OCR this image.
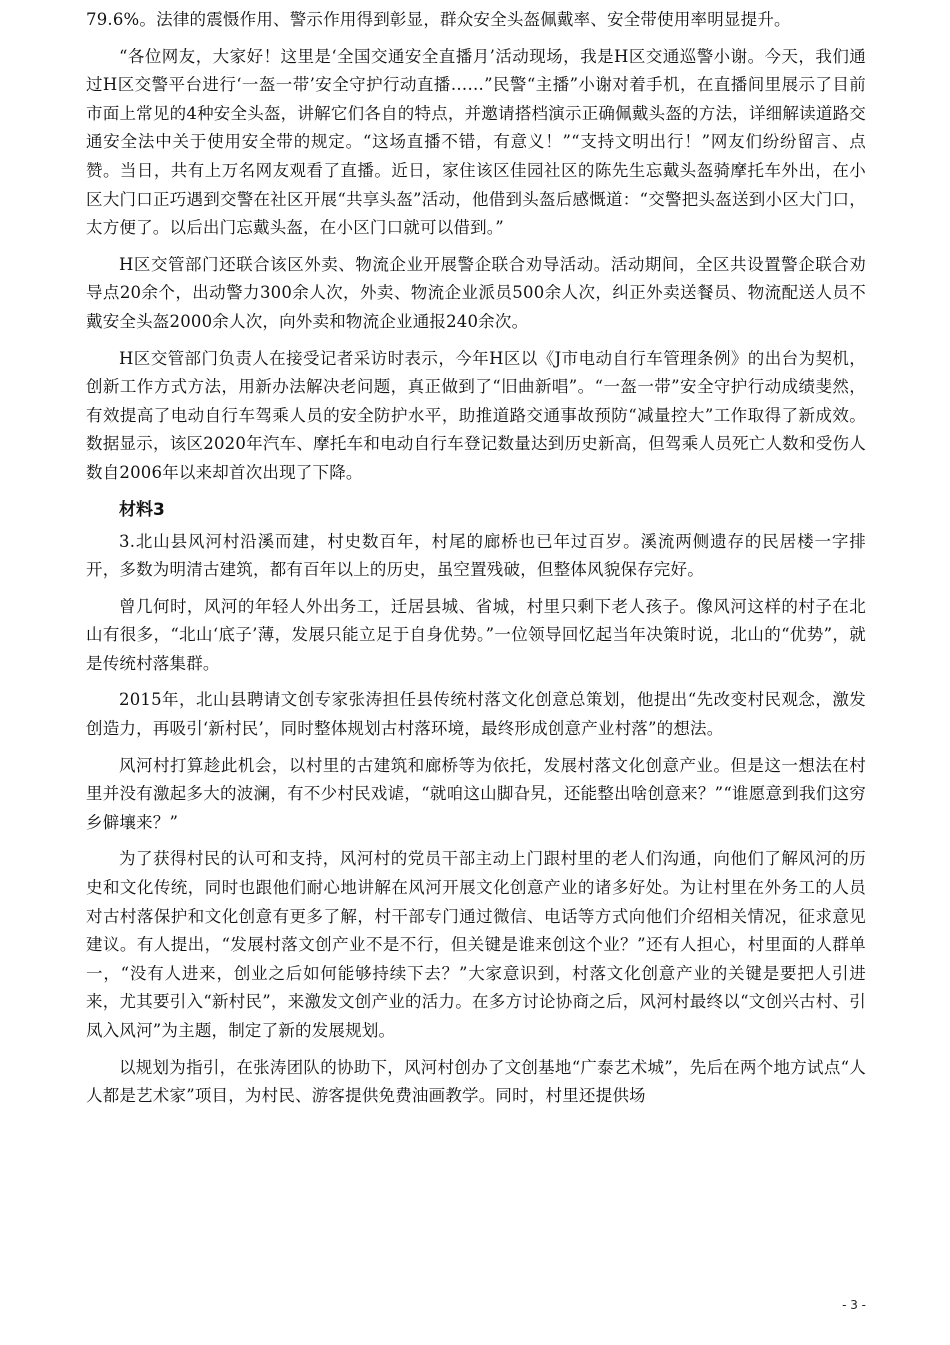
79.6%。法律的震慑作用、警示作用得到彰显，群众安全头盔佩戴率、安全带使用率明显提升。

“各位网友，大家好！这里是‘全国交通安全直播月’活动现场，我是H区交通巡警小谢。今天，我们通过H区交警平台进行‘一盔一带’安全守护行动直播……”民警“主播”小谢对着手机，在直播间里展示了目前市面上常见的4种安全头盔，讲解它们各自的特点，并邀请搭档演示正确佩戴头盔的方法，详细解读道路交通安全法中关于使用安全带的规定。“这场直播不错，有意义！”“支持文明出行！”网友们纷纷留言、点赞。当日，共有上万名网友观看了直播。近日，家住该区佳园社区的陈先生忘戴头盔骑摩托车外出，在小区大门口正巧遇到交警在社区开展“共享头盔”活动，他借到头盔后感慨道：“交警把头盔送到小区大门口，太方便了。以后出门忘戴头盔，在小区门口就可以借到。”

H区交管部门还联合该区外卖、物流企业开展警企联合劝导活动。活动期间，全区共设置警企联合劝导点20余个，出动警力300余人次，外卖、物流企业派员500余人次，纠正外卖送餐员、物流配送人员不戴安全头盔2000余人次，向外卖和物流企业通报240余次。

H区交管部门负责人在接受记者采访时表示，今年H区以《J市电动自行车管理条例》的出台为契机，创新工作方式方法，用新办法解决老问题，真正做到了“旧曲新唱”。“一盔一带”安全守护行动成绩斐然，有效提高了电动自行车驾乘人员的安全防护水平，助推道路交通事故预防“减量控大”工作取得了新成效。数据显示，该区2020年汽车、摩托车和电动自行车登记数量达到历史新高，但驾乘人员死亡人数和受伤人数自2006年以来却首次出现了下降。

材料3

3.北山县风河村沿溪而建，村史数百年，村尾的廊桥也已年过百岁。溪流两侧遗存的民居楼一字排开，多数为明清古建筑，都有百年以上的历史，虽空置残破，但整体风貌保存完好。

曾几何时，风河的年轻人外出务工，迁居县城、省城，村里只剩下老人孩子。像风河这样的村子在北山有很多，“北山‘底子’薄，发展只能立足于自身优势。”一位领导回忆起当年决策时说，北山的“优势”，就是传统村落集群。

2015年，北山县聘请文创专家张涛担任县传统村落文化创意总策划，他提出“先改变村民观念，激发创造力，再吸引‘新村民’，同时整体规划古村落环境，最终形成创意产业村落”的想法。

风河村打算趁此机会，以村里的古建筑和廊桥等为依托，发展村落文化创意产业。但是这一想法在村里并没有激起多大的波澜，有不少村民戏谑，“就咱这山脚旮旯，还能整出啥创意来？”“谁愿意到我们这穷乡僻壤来？”

为了获得村民的认可和支持，风河村的党员干部主动上门跟村里的老人们沟通，向他们了解风河的历史和文化传统，同时也跟他们耐心地讲解在风河开展文化创意产业的诸多好处。为让村里在外务工的人员对古村落保护和文化创意有更多了解，村干部专门通过微信、电话等方式向他们介绍相关情况，征求意见建议。有人提出，“发展村落文创产业不是不行，但关键是谁来创这个业？”还有人担心，村里面的人群单一，“没有人进来，创业之后如何能够持续下去？”大家意识到，村落文化创意产业的关键是要把人引进来，尤其要引入“新村民”，来激发文创产业的活力。在多方讨论协商之后，风河村最终以“文创兴古村、引凤入风河”为主题，制定了新的发展规划。

以规划为指引，在张涛团队的协助下，风河村创办了文创基地“广泰艺术城”，先后在两个地方试点“人人都是艺术家”项目，为村民、游客提供免费油画教学。同时，村里还提供场

- 3 -
